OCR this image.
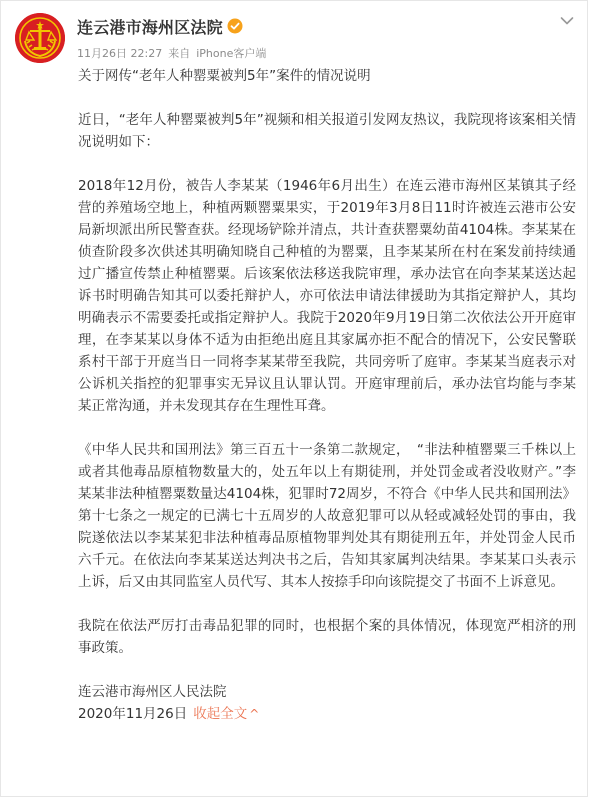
连云港市海州区法院
11月26日 22:27 来自 iPhone客户端

关于网传“老年人种罂粟被判5年”案件的情况说明

近日，“老年人种罂粟被判5年”视频和相关报道引发网友热议，我院现将该案相关情况说明如下：

2018年12月份，被告人李某某（1946年6月出生）在连云港市海州区某镇其子经营的养殖场空地上，种植两颗罂粟果实，于2019年3月8日11时许被连云港市公安局新坝派出所民警查获。经现场铲除并清点，共计查获罂粟幼苗4104株。李某某在侦查阶段多次供述其明确知晓自己种植的为罂粟，且李某某所在村在案发前持续通过广播宣传禁止种植罂粟。后该案依法移送我院审理，承办法官在向李某某送达起诉书时明确告知其可以委托辩护人，亦可依法申请法律援助为其指定辩护人，其均明确表示不需要委托或指定辩护人。我院于2020年9月19日第二次依法公开开庭审理，在李某某以身体不适为由拒绝出庭且其家属亦拒不配合的情况下，公安民警联系村干部于开庭当日一同将李某某带至我院，共同旁听了庭审。李某某当庭表示对公诉机关指控的犯罪事实无异议且认罪认罚。开庭审理前后，承办法官均能与李某某正常沟通，并未发现其存在生理性耳聋。

《中华人民共和国刑法》第三百五十一条第二款规定，　“非法种植罂粟三千株以上或者其他毒品原植物数量大的，处五年以上有期徒刑，并处罚金或者没收财产。”李某某非法种植罂粟数量达4104株，犯罪时72周岁，不符合《中华人民共和国刑法》第十七条之一规定的已满七十五周岁的人故意犯罪可以从轻或减轻处罚的事由，我院遂依法以李某某犯非法种植毒品原植物罪判处其有期徒刑五年，并处罚金人民币六千元。在依法向李某某送达判决书之后，告知其家属判决结果。李某某口头表示上诉，后又由其同监室人员代写、其本人按捺手印向该院提交了书面不上诉意见。

我院在依法严厉打击毒品犯罪的同时，也根据个案的具体情况，体现宽严相济的刑事政策。

连云港市海州区人民法院

2020年11月26日 收起全文 ^
